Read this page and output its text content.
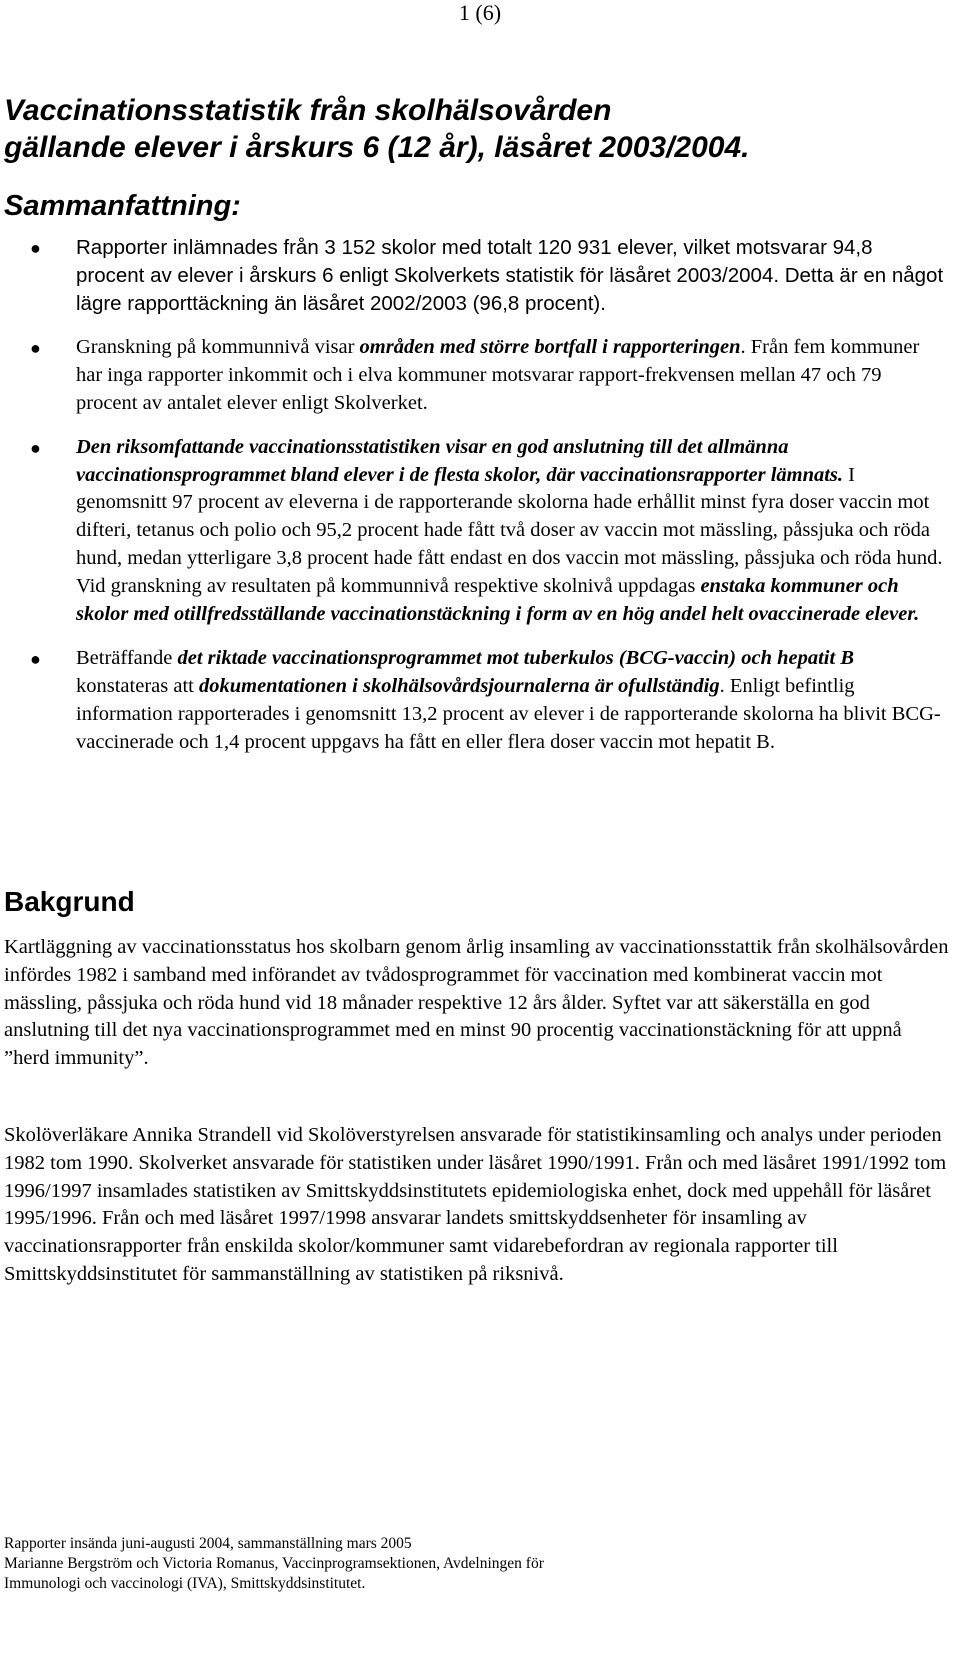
1 (6)
Vaccinationsstatistik från skolhälsovården
gällande elever i årskurs 6 (12 år), läsåret 2003/2004.
Sammanfattning:
● Rapporter inlämnades från 3 152 skolor med totalt 120 931 elever, vilket motsvarar 94,8 procent av elever i årskurs 6 enligt Skolverkets statistik för läsåret 2003/2004. Detta är en något lägre rapporttäckning än läsåret 2002/2003 (96,8 procent).
● Granskning på kommunnivå visar områden med större bortfall i rapporteringen. Från fem kommuner har inga rapporter inkommit och i elva kommuner motsvarar rapport-frekvensen mellan 47 och 79 procent av antalet elever enligt Skolverket.
● Den riksomfattande vaccinationsstatistiken visar en god anslutning till det allmänna vaccinationsprogrammet bland elever i de flesta skolor, där vaccinationsrapporter lämnats. I genomsnitt 97 procent av eleverna i de rapporterande skolorna hade erhållit minst fyra doser vaccin mot difteri, tetanus och polio och 95,2 procent hade fått två doser av vaccin mot mässling, påssjuka och röda hund, medan ytterligare 3,8 procent hade fått endast en dos vaccin mot mässling, påssjuka och röda hund. Vid granskning av resultaten på kommunnivå respektive skolnivå uppdagas enstaka kommuner och skolor med otillfredsställande vaccinationstäckning i form av en hög andel helt ovaccinerade elever.
● Beträffande det riktade vaccinationsprogrammet mot tuberkulos (BCG-vaccin) och hepatit B konstateras att dokumentationen i skolhälsovårdsjournalerna är ofullständig. Enligt befintlig information rapporterades i genomsnitt 13,2 procent av elever i de rapporterande skolorna ha blivit BCG-vaccinerade och 1,4 procent uppgavs ha fått en eller flera doser vaccin mot hepatit B.
Bakgrund

Kartläggning av vaccinationsstatus hos skolbarn genom årlig insamling av vaccinationsstattik från skolhälsovården infördes 1982 i samband med införandet av tvådosprogrammet för vaccination med kombinerat vaccin mot mässling, påssjuka och röda hund vid 18 månader respektive 12 års ålder. Syftet var att säkerställa en god anslutning till det nya vaccinationsprogrammet med en minst 90 procentig vaccinationstäckning för att uppnå ”herd immunity”.

Skolöverläkare Annika Strandell vid Skolöverstyrelsen ansvarade för statistikinsamling och analys under perioden 1982 tom 1990. Skolverket ansvarade för statistiken under läsåret 1990/1991. Från och med läsåret 1991/1992 tom 1996/1997 insamlades statistiken av Smittskyddsinstitutets epidemiologiska enhet, dock med uppehåll för läsåret 1995/1996. Från och med läsåret 1997/1998 ansvarar landets smittskyddsenheter för insamling av vaccinationsrapporter från enskilda skolor/kommuner samt vidarebefordran av regionala rapporter till Smittskyddsinstitutet för sammanställning av statistiken på riksnivå.

Rapporter insända juni-augusti 2004, sammanställning mars 2005
Marianne Bergström och Victoria Romanus, Vaccinprogramsektionen, Avdelningen för
Immunologi och vaccinologi (IVA), Smittskyddsinstitutet.
